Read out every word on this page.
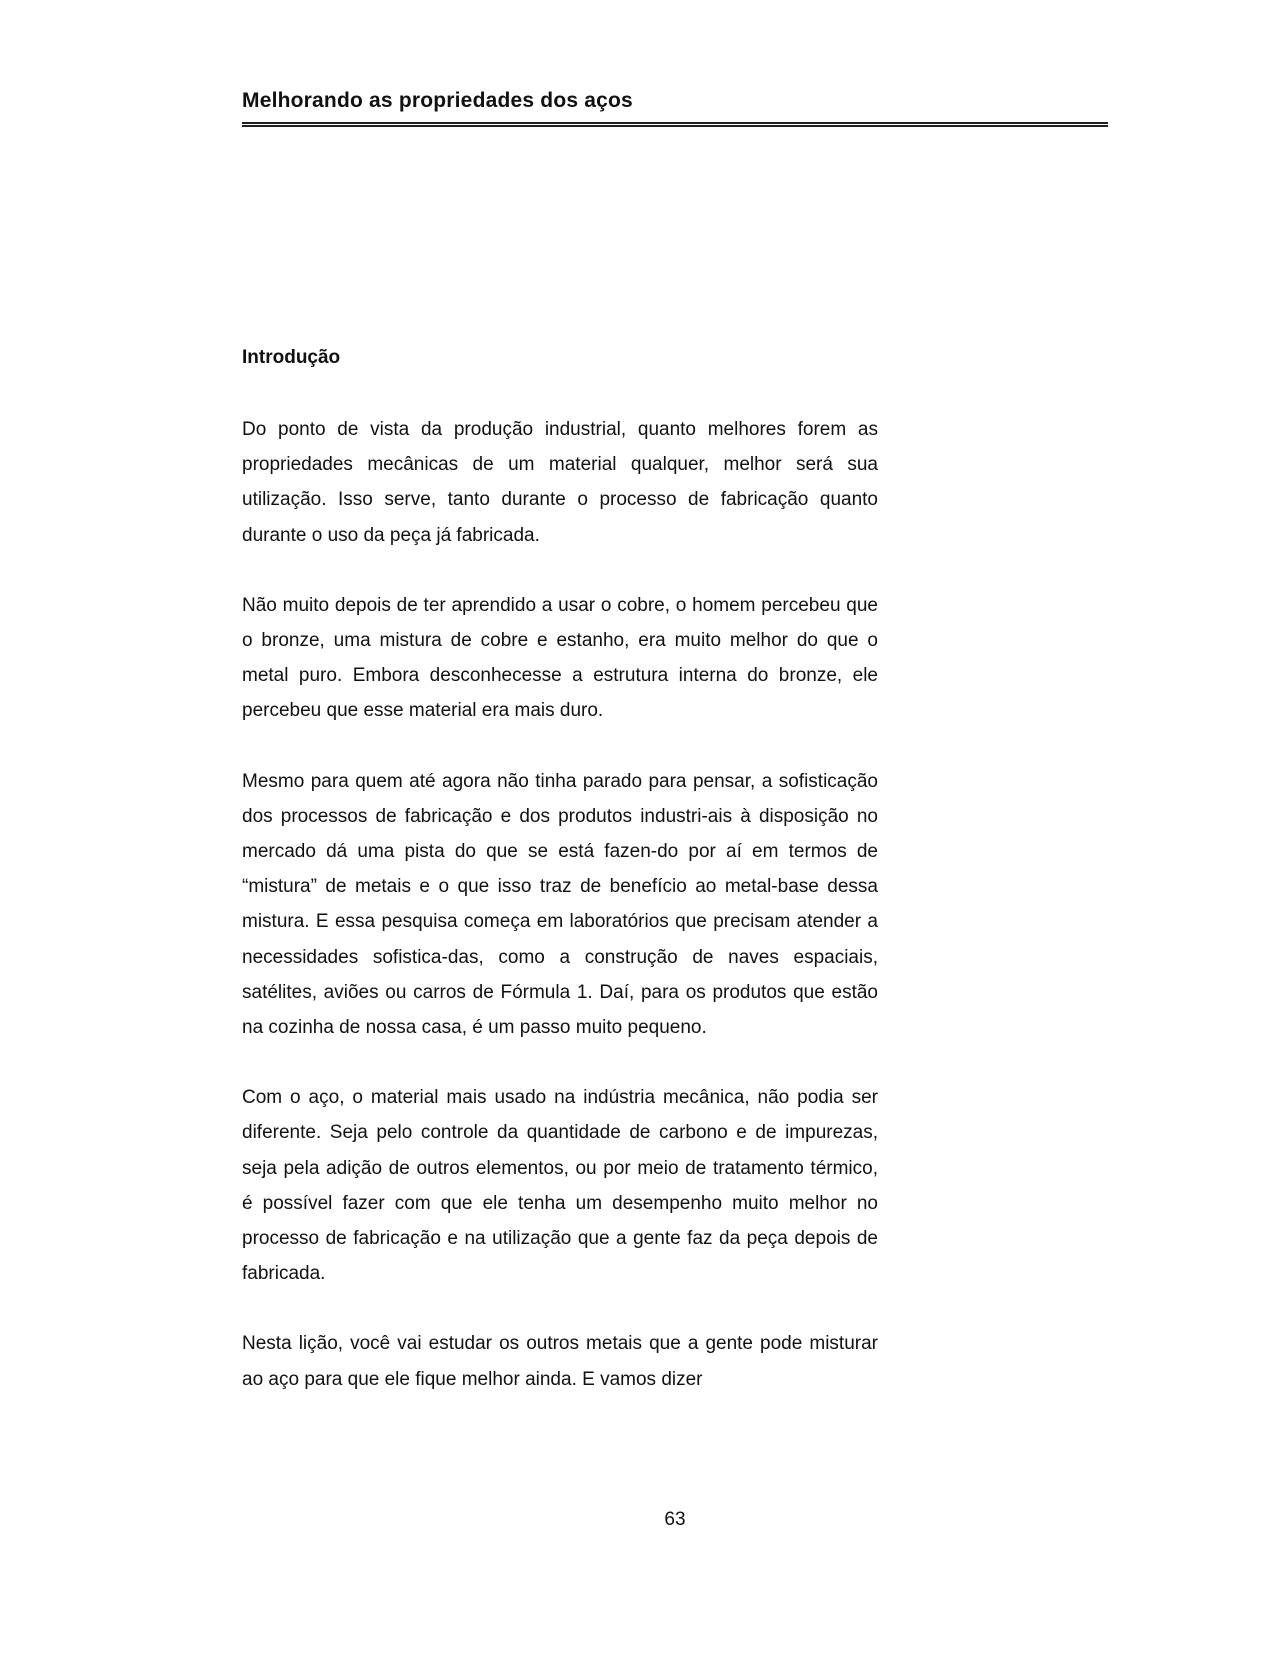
Melhorando as propriedades dos aços
Introdução

Do ponto de vista da produção industrial, quanto melhores forem as propriedades mecânicas de um material qualquer, melhor será sua utilização. Isso serve, tanto durante o processo de fabricação quanto durante o uso da peça já fabricada.

Não muito depois de ter aprendido a usar o cobre, o homem percebeu que o bronze, uma mistura de cobre e estanho, era muito melhor do que o metal puro. Embora desconhecesse a estrutura interna do bronze, ele percebeu que esse material era mais duro.

Mesmo para quem até agora não tinha parado para pensar, a sofisticação dos processos de fabricação e dos produtos industri-ais à disposição no mercado dá uma pista do que se está fazen-do por aí em termos de “mistura” de metais e o que isso traz de benefício ao metal-base dessa mistura. E essa pesquisa começa em laboratórios que precisam atender a necessidades sofistica-das, como a construção de naves espaciais, satélites, aviões ou carros de Fórmula 1. Daí, para os produtos que estão na cozinha de nossa casa, é um passo muito pequeno.

Com o aço, o material mais usado na indústria mecânica, não podia ser diferente. Seja pelo controle da quantidade de carbono e de impurezas, seja pela adição de outros elementos, ou por meio de tratamento térmico, é possível fazer com que ele tenha um desempenho muito melhor no processo de fabricação e na utilização que a gente faz da peça depois de fabricada.

Nesta lição, você vai estudar os outros metais que a gente pode misturar ao aço para que ele fique melhor ainda. E vamos dizer

63
